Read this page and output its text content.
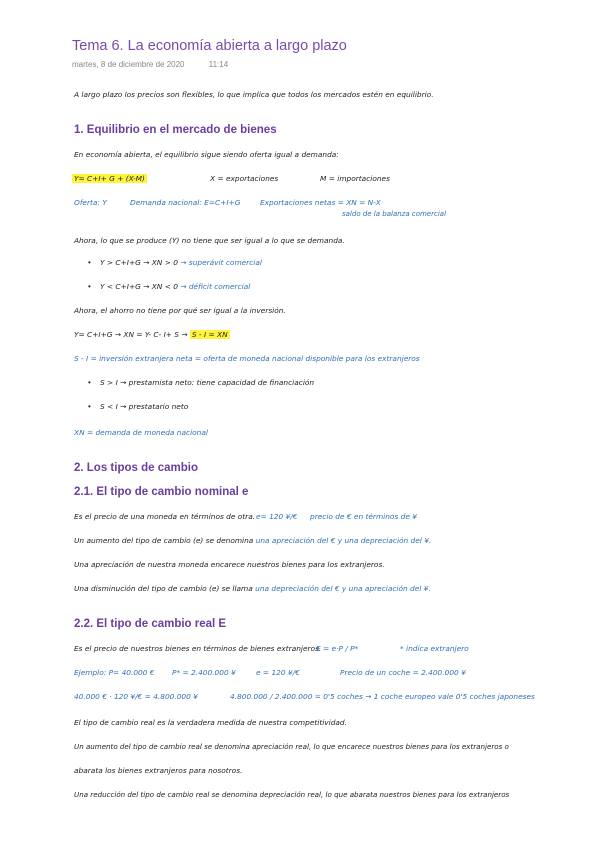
Tema 6. La economía abierta a largo plazo
martes, 8 de diciembre de 2020	11:14
A largo plazo los precios son flexibles, lo que implica que todos los mercados estén en equilibrio.
1. Equilibrio en el mercado de bienes
En economía abierta, el equilibrio sigue siendo oferta igual a demanda:
Y= C+I+ G + (X-M)	X = exportaciones	M = importaciones
Oferta: Y	Demanda nacional: E=C+I+G	Exportaciones netas = XN = N-X
saldo de la balanza comercial
Ahora, lo que se produce (Y) no tiene que ser igual a lo que se demanda.
• Y > C+I+G → XN > 0 → superávit comercial
• Y < C+I+G → XN < 0 → déficit comercial
Ahora, el ahorro no tiene por qué ser igual a la inversión.
Y= C+I+G → XN = Y- C- I+ S → S - I = XN
S - I = inversión extranjera neta = oferta de moneda nacional disponible para los extranjeros
• S > I → prestamista neto: tiene capacidad de financiación
• S < I → prestatario neto
XN = demanda de moneda nacional
2. Los tipos de cambio
2.1. El tipo de cambio nominal e
Es el precio de una moneda en términos de otra. e= 120 ¥/€ precio de € en términos de ¥
Un aumento del tipo de cambio (e) se denomina una apreciación del € y una depreciación del ¥.
Una apreciación de nuestra moneda encarece nuestros bienes para los extranjeros.
Una disminución del tipo de cambio (e) se llama una depreciación del € y una apreciación del ¥.
2.2. El tipo de cambio real E
Es el precio de nuestros bienes en términos de bienes extranjeros.
E = e·P / P*	* indica extranjero
Ejemplo: P= 40.000 € P* = 2.400.000 ¥	e = 120 ¥/€	Precio de un coche = 2.400.000 ¥
40.000 € · 120 ¥/€ = 4.800.000 ¥	4.800.000 / 2.400.000 = 0'5 coches → 1 coche europeo vale 0'5 coches japoneses
El tipo de cambio real es la verdadera medida de nuestra competitividad.
Un aumento del tipo de cambio real se denomina apreciación real, lo que encarece nuestros bienes para los extranjeros o
abarata los bienes extranjeros para nosotros.
Una reducción del tipo de cambio real se denomina depreciación real, lo que abarata nuestros bienes para los extranjeros
